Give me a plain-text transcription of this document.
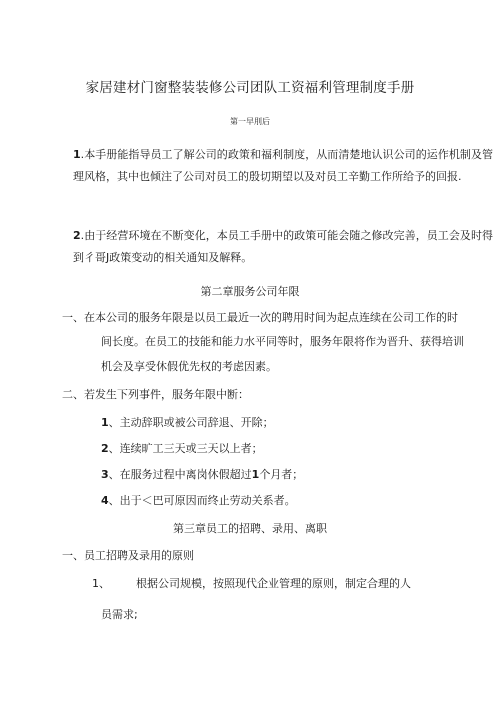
家居建材门窗整装装修公司团队工资福利管理制度手册
第一早刖后
1.本手册能指导员工了解公司的政策和福利制度，从而清楚地认识公司的运作机制及管理风格，其中也倾注了公司对员工的殷切期望以及对员工辛勤工作所给予的回报.
2.由于经营环境在不断变化，本员工手册中的政策可能会随之修改完善，员工会及时得到彳哥J政策变动的相关通知及解释。
第二章服务公司年限
一、在本公司的服务年限是以员工最近一次的聘用时间为起点连续在公司工作的时
间长度。在员工的技能和能力水平同等时，服务年限将作为晋升、获得培训
机会及享受休假优先权的考虑因素。
二、若发生下列事件，服务年限中断：
1、主动辞职或被公司辞退、开除；
2、连续旷工三天或三天以上者；
3、在服务过程中离岗休假超过1个月者；
4、出于＜巴可原因而终止劳动关系者。
第三章员工的招聘、录用、离职
一、员工招聘及录用的原则
1、 根据公司规模，按照现代企业管理的原则，制定合理的人
员需求;
